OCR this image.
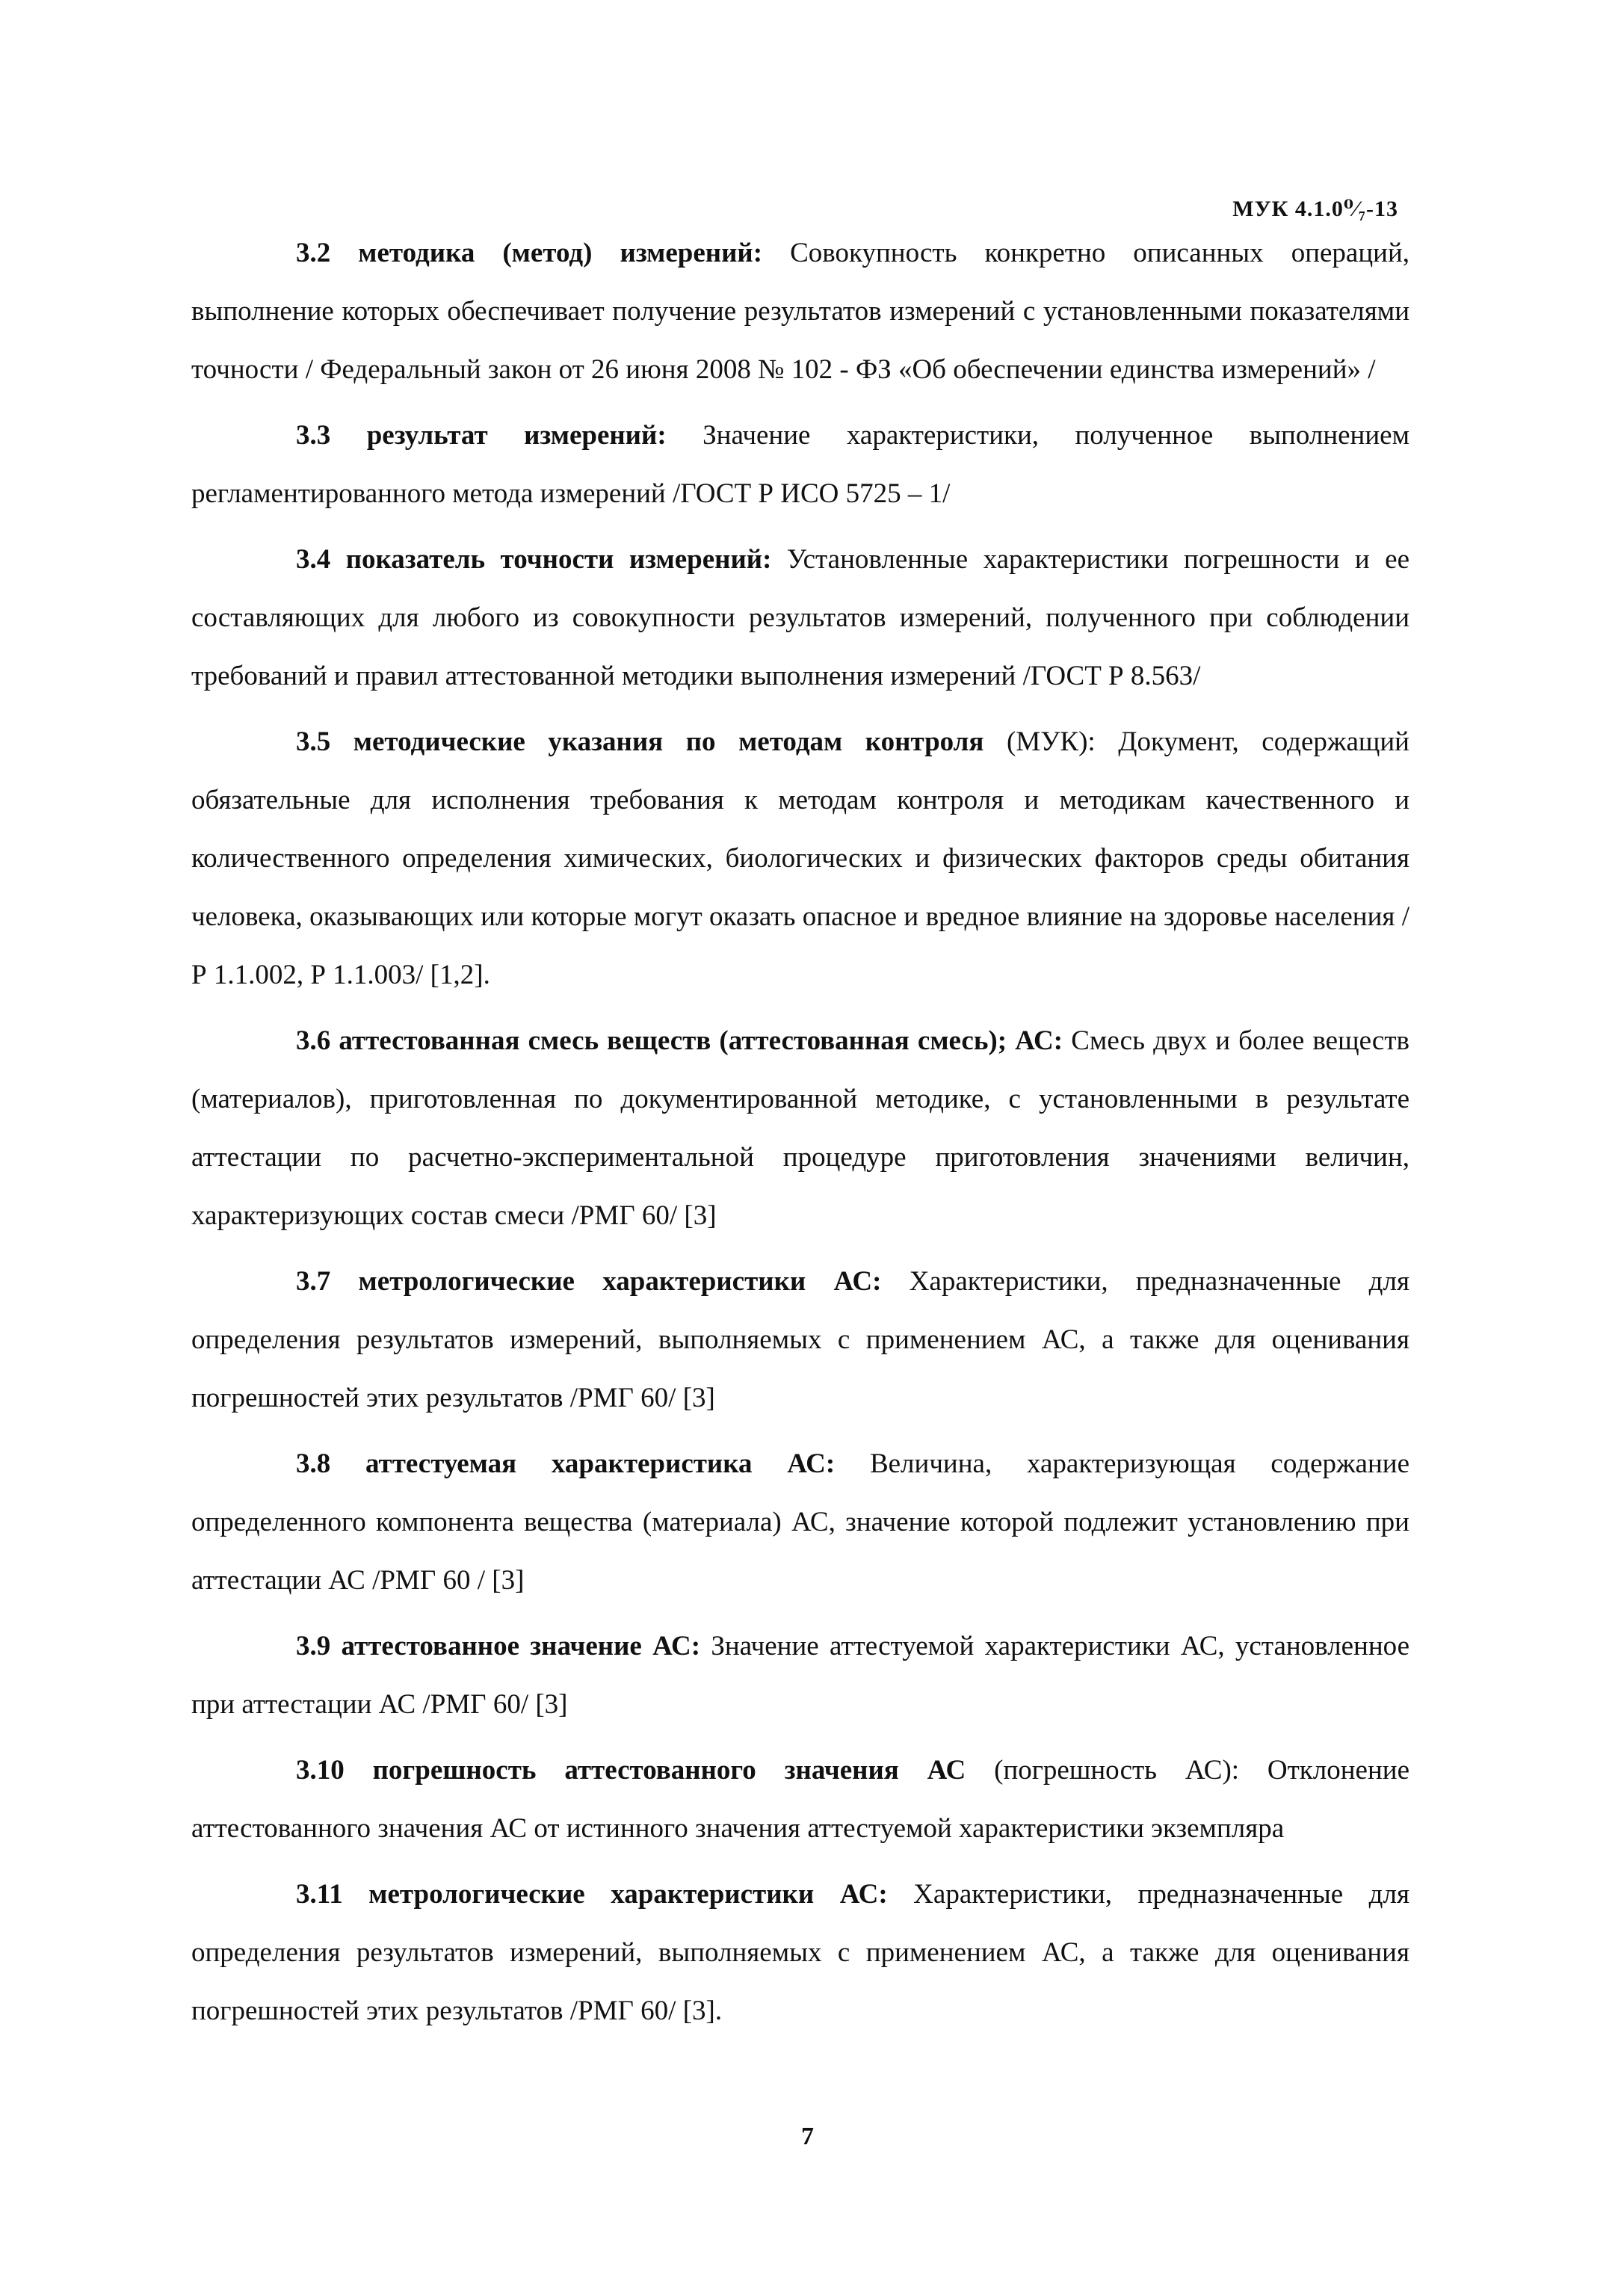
МУК 4.1.0⁰⁄₇-13

3.2 методика (метод) измерений: Совокупность конкретно описанных операций, выполнение которых обеспечивает получение результатов измерений с установленными показателями точности / Федеральный закон от 26 июня 2008 № 102 - ФЗ «Об обеспечении единства измерений» /

3.3 результат измерений: Значение характеристики, полученное выполнением регламентированного метода измерений /ГОСТ Р ИСО 5725 – 1/

3.4 показатель точности измерений: Установленные характеристики погрешности и ее составляющих для любого из совокупности результатов измерений, полученного при соблюдении требований и правил аттестованной методики выполнения измерений /ГОСТ Р 8.563/

3.5 методические указания по методам контроля (МУК): Документ, содержащий обязательные для исполнения требования к методам контроля и методикам качественного и количественного определения химических, биологических и физических факторов среды обитания человека, оказывающих или которые могут оказать опасное и вредное влияние на здоровье населения /Р 1.1.002, Р 1.1.003/ [1,2].

3.6 аттестованная смесь веществ (аттестованная смесь); АС: Смесь двух и более веществ (материалов), приготовленная по документированной методике, с установленными в результате аттестации по расчетно-экспериментальной процедуре приготовления значениями величин, характеризующих состав смеси /РМГ 60/ [3]

3.7 метрологические характеристики АС: Характеристики, предназначенные для определения результатов измерений, выполняемых с применением АС, а также для оценивания погрешностей этих результатов /РМГ 60/ [3]

3.8 аттестуемая характеристика АС: Величина, характеризующая содержание определенного компонента вещества (материала) АС, значение которой подлежит установлению при аттестации АС /РМГ 60 / [3]

3.9 аттестованное значение АС: Значение аттестуемой характеристики АС, установленное при аттестации АС /РМГ 60/ [3]

3.10 погрешность аттестованного значения АС (погрешность АС): Отклонение аттестованного значения АС от истинного значения аттестуемой характеристики экземпляра

3.11 метрологические характеристики АС: Характеристики, предназначенные для определения результатов измерений, выполняемых с применением АС, а также для оценивания погрешностей этих результатов /РМГ 60/ [3].

7
